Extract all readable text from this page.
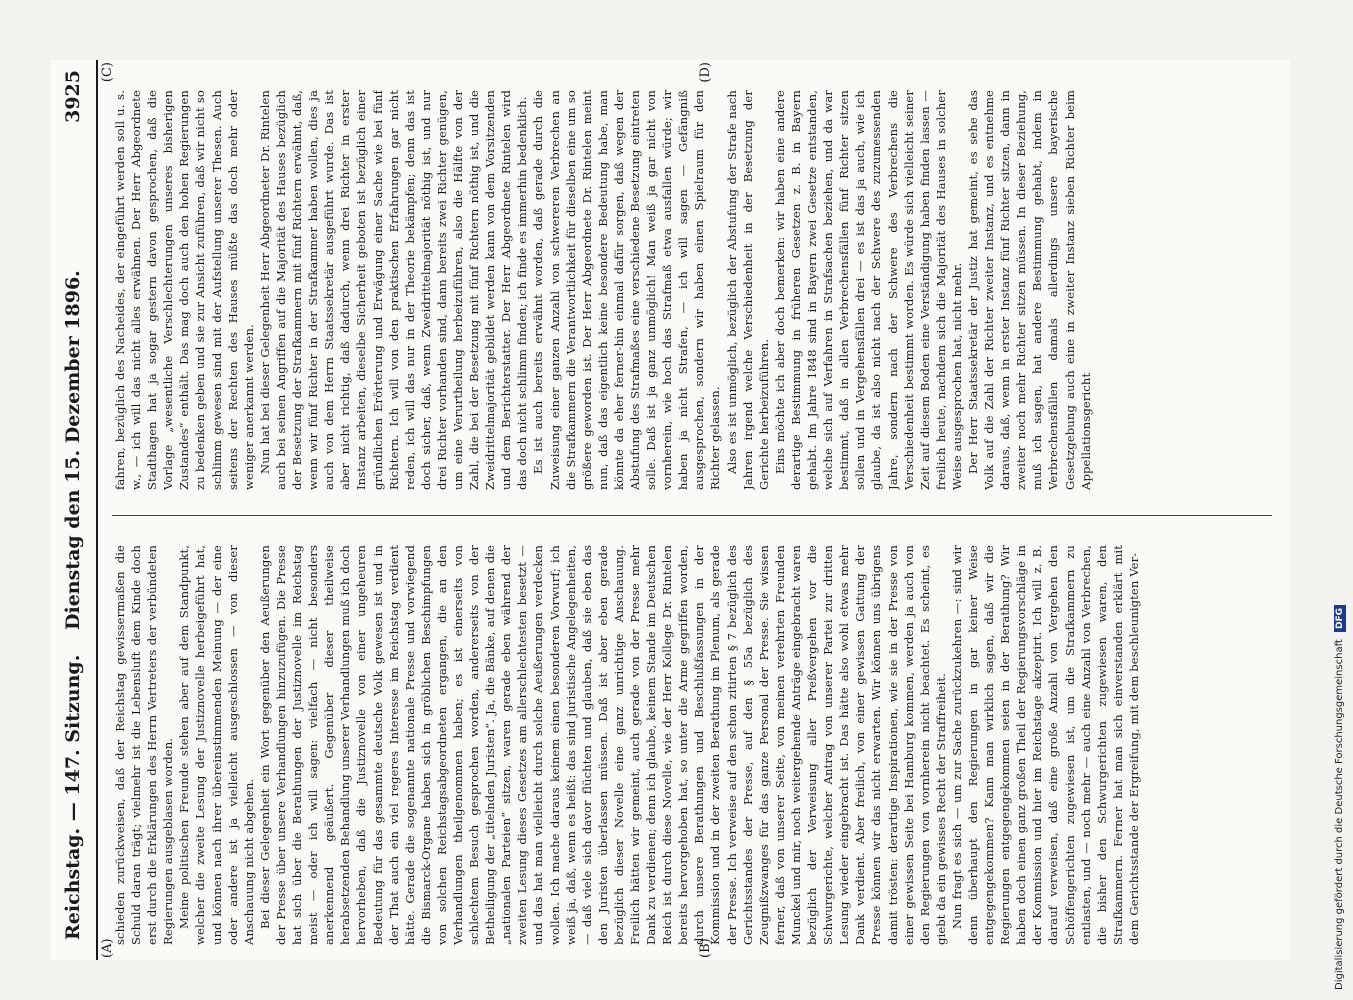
Reichstag. — 147. Sitzung.
Dienstag den 15. Dezember 1896.
3925
(A)	(B)
(C)	(D)

schieden zurückweisen, daß der Reichstag gewissermaßen die Schuld daran trägt; vielmehr ist die Lebensluft dem Kinde doch erst durch die Erklärungen des Herrn Vertreters der verbündeten Regierungen ausgeblasen worden. Meine politischen Freunde stehen aber auf dem Standpunkt, welcher die zweite Lesung der Justiznovelle herbeigeführt hat, und können nach ihrer übereinstimmenden Meinung — der eine oder andere ist ja vielleicht ausgeschlossen — von dieser Anschauung nicht abgehen. Bei dieser Gelegenheit ein Wort gegenüber den Aeußerungen der Presse über unsere Verhandlungen hinzuzufügen. Die Presse hat sich über die Berathungen der Justiznovelle im Reichstag meist — oder ich will sagen: vielfach — nicht besonders anerkennend geäußert. Gegenüber dieser theilweise herabsetzenden Behandlung unserer Verhandlungen muß ich doch hervorheben, daß die Justiznovelle von einer ungeheuren Bedeutung für das gesammte deutsche Volk gewesen ist und in der That auch ein viel regeres Interesse im Reichstag verdient hätte. Gerade die sogenannte nationale Presse und vorwiegend die Bismarck-Organe haben sich in gröblichen Beschimpfungen von solchen Reichstagsabgeordneten ergangen, die an den Verhandlungen theilgenommen haben; es ist einerseits von schlechtem Besuch gesprochen worden, andererseits von der Betheiligung der „titelnden Juristen“. Ja, die Bänke, auf denen die „nationalen Parteien“ sitzen, waren gerade eben während der zweiten Lesung dieses Gesetzes am allerschlechtesten besetzt — und das hat man vielleicht durch solche Aeußerungen verdecken wollen. Ich mache daraus keinem einen besonderen Vorwurf; ich weiß ja, daß, wenn es heißt: das sind juristische Angelegenheiten, — daß viele sich davor flüchten und glauben, daß sie eben das den Juristen überlassen müssen. Daß ist aber eben gerade bezüglich dieser Novelle eine ganz unrichtige Anschauung. Freilich hätten wir gemeint, auch gerade von der Presse mehr Dank zu verdienen; denn ich glaube, keinem Stande im Deutschen Reich ist durch diese Novelle, wie der Herr Kollege Dr. Rintelen bereits hervorgehoben hat, so unter die Arme gegriffen worden, durch unsere Berathungen und Beschlußfassungen in der Kommission und in der zweiten Berathung im Plenum, als gerade der Presse. Ich verweise auf den schon zitirten § 7 bezüglich des Gerichtsstandes der Presse, auf den § 55a bezüglich des Zeugnißzwanges für das ganze Personal der Presse. Sie wissen ferner, daß von unserer Seite, von meinen verehrten Freunden Munckel und mir, noch weitergehende Anträge eingebracht waren bezüglich der Verweisung aller Preßvergehen vor die Schwurgerichte, welcher Antrag von unserer Partei zur dritten Lesung wieder eingebracht ist. Das hätte also wohl etwas mehr Dank verdient. Aber freilich, von einer gewissen Gattung der Presse können wir das nicht erwarten. Wir können uns übrigens damit trösten: derartige Inspirationen, wie sie in der Presse von einer gewissen Seite bei Hamburg kommen, werden ja auch von den Regierungen von vornherein nicht beachtet. Es scheint, es giebt da ein gewisses Recht der Straffreiheit. Nun fragt es sich — um zur Sache zurückzukehren —: sind wir denn überhaupt den Regierungen in gar keiner Weise entgegengekommen? Kann man wirklich sagen, daß wir die Regierungen entgegengekommen seien in der Berathung? Wir haben doch einen ganz großen Theil der Regierungsvorschläge in der Kommission und hier im Reichstage akzeptirt. Ich will z. B. darauf verweisen, daß eine große Anzahl von Vergehen den Schöffengerichten zugewiesen ist, um die Strafkammern zu entlasten, und — noch mehr — auch eine Anzahl von Verbrechen, die bisher den Schwurgerichten zugewiesen waren, den Strafkammern. Ferner hat man sich einverstanden erklärt mit dem Gerichtsstande der Ergreifung, mit dem beschleunigten Ver-

fahren, bezüglich des Nacheides, der eingeführt werden soll u. s. w., — ich will das nicht alles erwähnen. Der Herr Abgeordnete Stadthagen hat ja sogar gestern davon gesprochen, daß die Vorlage „wesentliche Verschlechterungen unseres bisherigen Zustandes“ enthält. Das mag doch auch den hohen Regierungen zu bedenken geben und sie zur Ansicht zuführen, daß wir nicht so schlimm gewesen sind mit der Aufstellung unserer Thesen. Auch seitens der Rechten des Hauses müßte das doch mehr oder weniger anerkannt werden. Nun hat bei dieser Gelegenheit Herr Abgeordneter Dr. Rintelen auch bei seinen Angriffen auf die Majorität des Hauses bezüglich der Besetzung der Strafkammern mit fünf Richtern erwähnt, daß, wenn wir fünf Richter in der Strafkammer haben wollen, dies ja auch von dem Herrn Staatssekretär ausgeführt wurde. Das ist aber nicht richtig, daß dadurch, wenn drei Richter in erster Instanz arbeiten, dieselbe Sicherheit geboten ist bezüglich einer gründlichen Erörterung und Erwägung einer Sache wie bei fünf Richtern. Ich will von den praktischen Erfahrungen gar nicht reden, ich will das nur in der Theorie bekämpfen; denn das ist doch sicher, daß, wenn Zweidrittelmajorität nöthig ist, und nur drei Richter vorhanden sind, dann bereits zwei Richter genügen, um eine Verurtheilung herbeizuführen, also die Hälfte von der Zahl, die bei der Besetzung mit fünf Richtern nöthig ist, und die Zweidrittelmajorität gebildet werden kann von dem Vorsitzenden und dem Berichterstatter. Der Herr Abgeordnete Rintelen wird das doch nicht schlimm finden; ich finde es immerhin bedenklich. Es ist auch bereits erwähnt worden, daß gerade durch die Zuweisung einer ganzen Anzahl von schwereren Verbrechen an die Strafkammern die Verantwortlichkeit für dieselben eine um so größere geworden ist. Der Herr Abgeordnete Dr. Rintelen meint nun, daß das eigentlich keine besondere Bedeutung habe, man könnte da eher ferner-hin einmal dafür sorgen, daß wegen der Abstufung des Strafmaßes eine verschiedene Besetzung eintreten solle. Daß ist ja ganz unmöglich! Man weiß ja gar nicht von vornherein, wie hoch das Strafmaß etwa ausfallen würde; wir haben ja nicht Strafen, — ich will sagen — Gefängniß ausgesprochen, sondern wir haben einen Spielraum für den Richter gelassen. Also es ist unmöglich, bezüglich der Abstufung der Strafe nach Jahren irgend welche Verschiedenheit in der Besetzung der Gerichte herbeizuführen. Eins möchte ich aber doch bemerken: wir haben eine andere derartige Bestimmung in früheren Gesetzen z. B. in Bayern gehabt. Im Jahre 1848 sind in Bayern zwei Gesetze entstanden, welche sich auf Verfahren in Strafsachen beziehen, und da war bestimmt, daß in allen Verbrechensfällen fünf Richter sitzen sollen und in Vergehensfällen drei — es ist das ja auch, wie ich glaube, da ist also nicht nach der Schwere des zuzumessenden Jahre, sondern nach der Schwere des Verbrechens die Verschiedenheit bestimmt worden. Es würde sich vielleicht seiner Zeit auf diesem Boden eine Verständigung haben finden lassen — freilich heute, nachdem sich die Majorität des Hauses in solcher Weise ausgesprochen hat, nicht mehr. Der Herr Staatssekretär der Justiz hat gemeint, es sehe das Volk auf die Zahl der Richter zweiter Instanz, und es entnehme daraus, daß, wenn in erster Instanz fünf Richter sitzen, dann in zweiter noch mehr Richter sitzen müssen. In dieser Beziehung, muß ich sagen, hat andere Bestimmung gehabt, indem in Verbrechensfällen damals allerdings unsere bayerische Gesetzgebung auch eine in zweiter Instanz sieben Richter beim Appellationsgericht

Digitalisierung gefördert durch die Deutsche Forschungsgemeinschaft DFG
